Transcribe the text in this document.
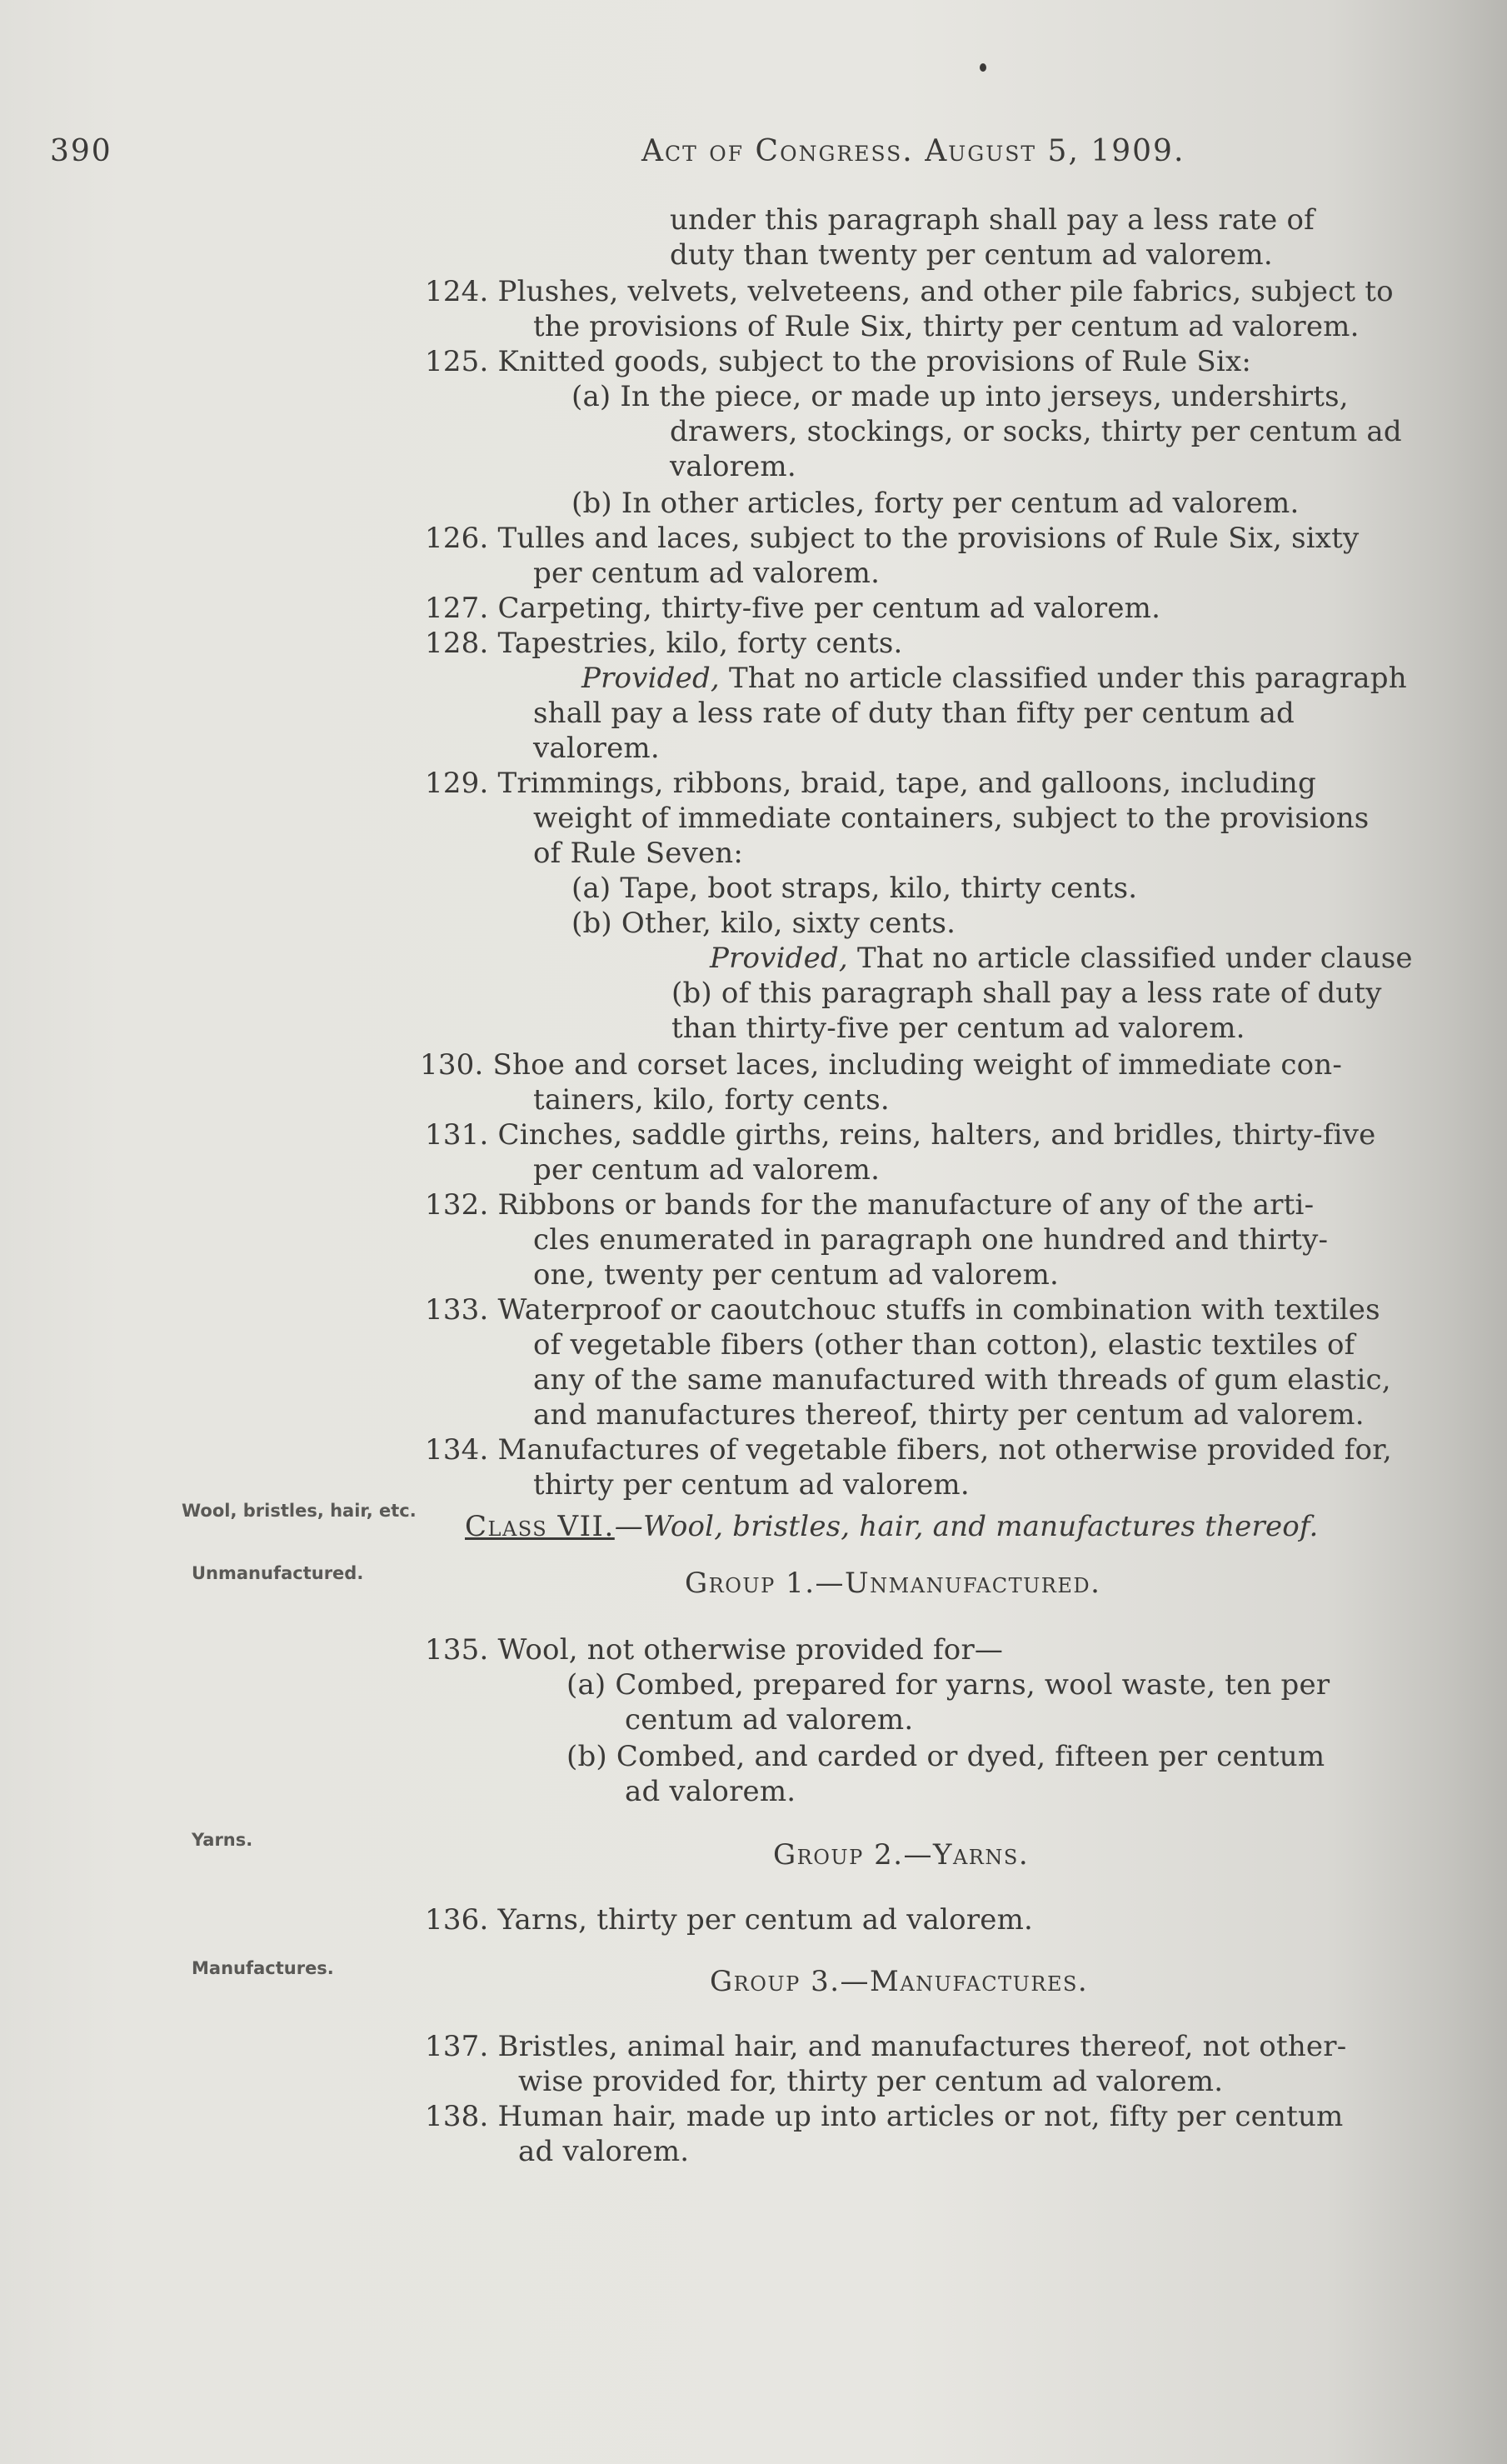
390	Act of Congress. August 5, 1909.
under this paragraph shall pay a less rate of
duty than twenty per centum ad valorem.
124. Plushes, velvets, velveteens, and other pile fabrics, subject to
the provisions of Rule Six, thirty per centum ad valorem.
125. Knitted goods, subject to the provisions of Rule Six:
(a) In the piece, or made up into jerseys, undershirts,
drawers, stockings, or socks, thirty per centum ad
valorem.
(b) In other articles, forty per centum ad valorem.
126. Tulles and laces, subject to the provisions of Rule Six, sixty
per centum ad valorem.
127. Carpeting, thirty-five per centum ad valorem.
128. Tapestries, kilo, forty cents.
Provided, That no article classified under this paragraph
shall pay a less rate of duty than fifty per centum ad
valorem.
129. Trimmings, ribbons, braid, tape, and galloons, including
weight of immediate containers, subject to the provisions
of Rule Seven:
(a) Tape, boot straps, kilo, thirty cents.
(b) Other, kilo, sixty cents.
Provided, That no article classified under clause
(b) of this paragraph shall pay a less rate of duty
than thirty-five per centum ad valorem.
130. Shoe and corset laces, including weight of immediate con-
tainers, kilo, forty cents.
131. Cinches, saddle girths, reins, halters, and bridles, thirty-five
per centum ad valorem.
132. Ribbons or bands for the manufacture of any of the arti-
cles enumerated in paragraph one hundred and thirty-
one, twenty per centum ad valorem.
133. Waterproof or caoutchouc stuffs in combination with textiles
of vegetable fibers (other than cotton), elastic textiles of
any of the same manufactured with threads of gum elastic,
and manufactures thereof, thirty per centum ad valorem.
134. Manufactures of vegetable fibers, not otherwise provided for,
thirty per centum ad valorem.
Wool, bristles, hair, etc. Class VII.—Wool, bristles, hair, and manufactures thereof.
Unmanufactured.	Group 1.—Unmanufactured.
135. Wool, not otherwise provided for—
(a) Combed, prepared for yarns, wool waste, ten per
centum ad valorem.
(b) Combed, and carded or dyed, fifteen per centum
ad valorem.
Yarns.	Group 2.—Yarns.
136. Yarns, thirty per centum ad valorem.
Manufactures.	Group 3.—Manufactures.
137. Bristles, animal hair, and manufactures thereof, not other-
wise provided for, thirty per centum ad valorem.
138. Human hair, made up into articles or not, fifty per centum
ad valorem.
